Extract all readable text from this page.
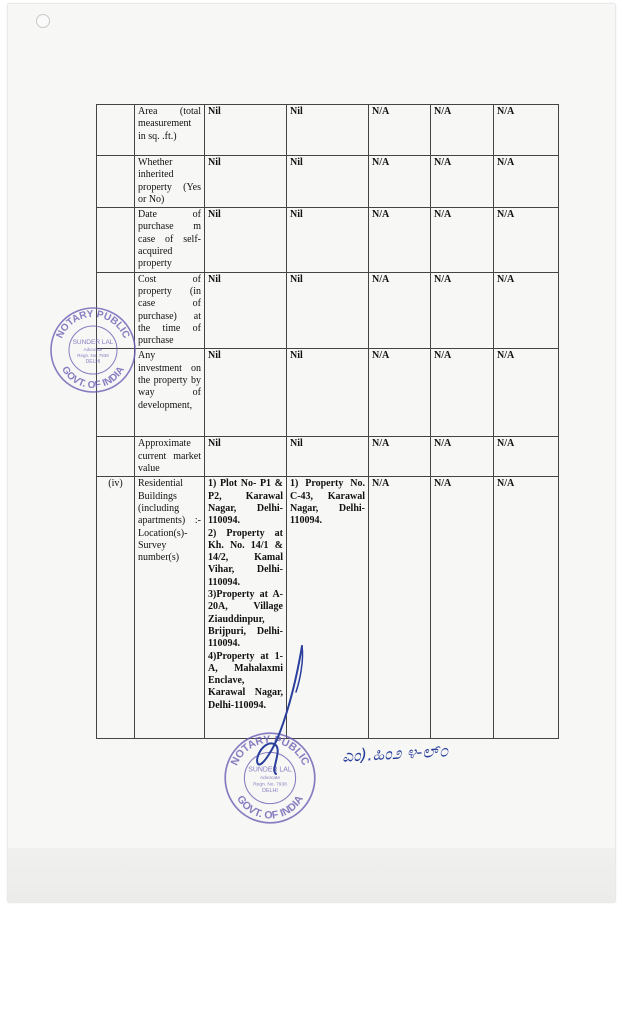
	Area (total measurement in sq. .ft.)	Nil	Nil	N/A	N/A	N/A
	Whether inherited property (Yes or No)	Nil	Nil	N/A	N/A	N/A
	Date of purchase m case of self-acquired property	Nil	Nil	N/A	N/A	N/A
	Cost of property (in case of purchase) at the time of purchase	Nil	Nil	N/A	N/A	N/A
	Any investment on the property by way of development,	Nil	Nil	N/A	N/A	N/A
	Approximate current market value	Nil	Nil	N/A	N/A	N/A
(iv)	Residential Buildings (including apartments) :- Location(s)- Survey number(s)	1) Plot No- P1 & P2, Karawal Nagar, Delhi-110094.
2) Property at Kh. No. 14/1 & 14/2, Kamal Vihar, Delhi-110094.
3)Property at A-20A, Village Ziauddinpur, Brijpuri, Delhi-110094.
4)Property at 1-A, Mahalaxmi Enclave, Karawal Nagar, Delhi-110094.	1) Property No. C-43, Karawal Nagar, Delhi-110094.	N/A	N/A	N/A
NOTARY PUBLIC
GOVT. OF INDIA
SUNDER LAL
Advocate
Regn. No. 7938
DELHI
NOTARY PUBLIC
GOVT. OF INDIA
SUNDER LAL
Advocate
Regn. No. 7938
DELHI
ಎಂ).ಹಿಂ೨ ೪-ಲ್೦
